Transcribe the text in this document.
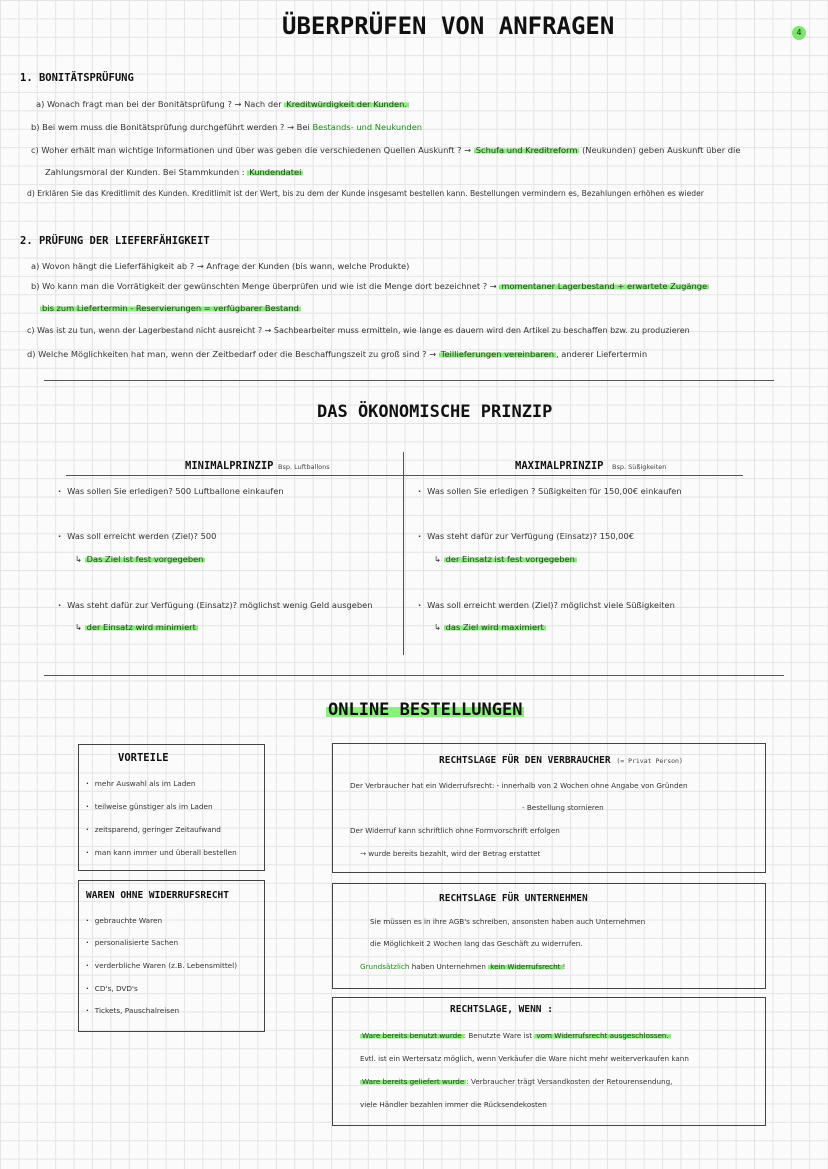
ÜBERPRÜFEN VON ANFRAGEN	4
1. BONITÄTSPRÜFUNG
a) Wonach fragt man bei der Bonitätsprüfung ? → Nach der Kreditwürdigkeit der Kunden.
b) Bei wem muss die Bonitätsprüfung durchgeführt werden ? → Bei Bestands- und Neukunden
c) Woher erhält man wichtige Informationen und über was geben die verschiedenen Quellen Auskunft ? → Schufa und Kreditreform (Neukunden) geben Auskunft über die
Zahlungsmoral der Kunden. Bei Stammkunden : Kundendatei
d) Erklären Sie das Kreditlimit des Kunden. Kreditlimit ist der Wert, bis zu dem der Kunde insgesamt bestellen kann. Bestellungen vermindern es, Bezahlungen erhöhen es wieder
2. PRÜFUNG DER LIEFERFÄHIGKEIT
a) Wovon hängt die Lieferfähigkeit ab ? → Anfrage der Kunden (bis wann, welche Produkte)
b) Wo kann man die Vorrätigkeit der gewünschten Menge überprüfen und wie ist die Menge dort bezeichnet ? → momentaner Lagerbestand + erwartete Zugänge
bis zum Liefertermin - Reservierungen = verfügbarer Bestand
c) Was ist zu tun, wenn der Lagerbestand nicht ausreicht ? → Sachbearbeiter muss ermitteln, wie lange es dauern wird den Artikel zu beschaffen bzw. zu produzieren
d) Welche Möglichkeiten hat man, wenn der Zeitbedarf oder die Beschaffungszeit zu groß sind ? → Teillieferungen vereinbaren , anderer Liefertermin
DAS ÖKONOMISCHE PRINZIP
MINIMALPRINZIP Bsp. Luftballons	MAXIMALPRINZIP Bsp. Süßigkeiten
· Was sollen Sie erledigen? 500 Luftballone einkaufen
· Was soll erreicht werden (Ziel)? 500
↳ Das Ziel ist fest vorgegeben
· Was steht dafür zur Verfügung (Einsatz)? möglichst wenig Geld ausgeben
↳ der Einsatz wird minimiert
· Was sollen Sie erledigen ? Süßigkeiten für 150,00€ einkaufen
· Was steht dafür zur Verfügung (Einsatz)? 150,00€
↳ der Einsatz ist fest vorgegeben
· Was soll erreicht werden (Ziel)? möglichst viele Süßigkeiten
↳ das Ziel wird maximiert
ONLINE BESTELLUNGEN
VORTEILE
· mehr Auswahl als im Laden
· teilweise günstiger als im Laden
· zeitsparend, geringer Zeitaufwand
· man kann immer und überall bestellen
WAREN OHNE WIDERRUFSRECHT
· gebrauchte Waren
· personalisierte Sachen
· verderbliche Waren (z.B. Lebensmittel)
· CD's, DVD's
· Tickets, Pauschalreisen
RECHTSLAGE FÜR DEN VERBRAUCHER (= Privat Person)
Der Verbraucher hat ein Widerrufsrecht: - innerhalb von 2 Wochen ohne Angabe von Gründen
- Bestellung stornieren
Der Widerruf kann schriftlich ohne Formvorschrift erfolgen
→ wurde bereits bezahlt, wird der Betrag erstattet
RECHTSLAGE FÜR UNTERNEHMEN
Sie müssen es in ihre AGB's schreiben, ansonsten haben auch Unternehmen
die Möglichkeit 2 Wochen lang das Geschäft zu widerrufen.
Grundsätzlich haben Unternehmen kein Widerrufsrecht !
RECHTSLAGE, WENN :
Ware bereits benutzt wurde : Benutzte Ware ist vom Widerrufsrecht ausgeschlossen.
Evtl. ist ein Wertersatz möglich, wenn Verkäufer die Ware nicht mehr weiterverkaufen kann
Ware bereits geliefert wurde : Verbraucher trägt Versandkosten der Retourensendung,
viele Händler bezahlen immer die Rücksendekosten
